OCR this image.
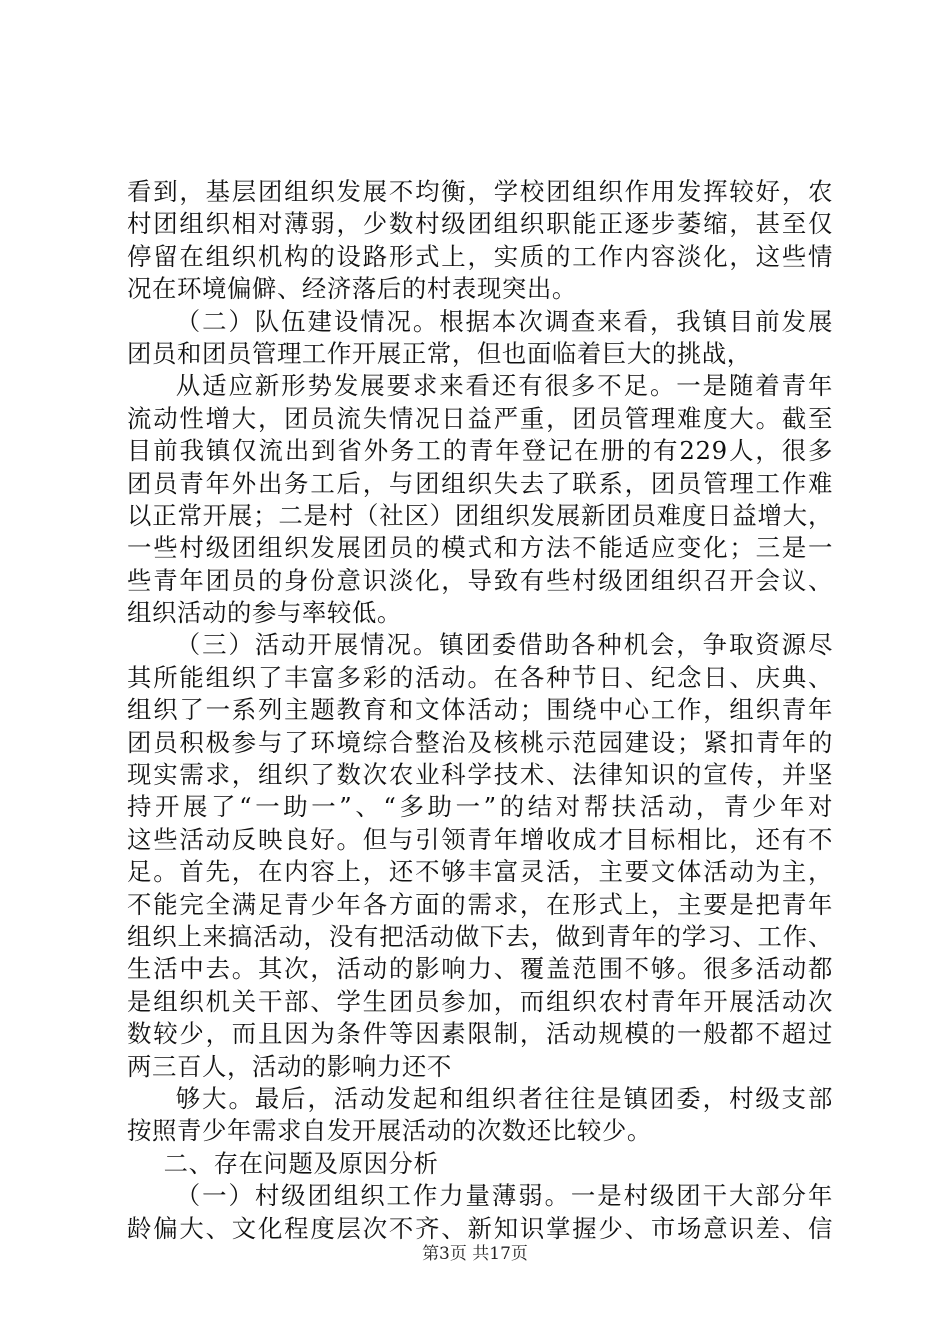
看到，基层团组织发展不均衡，学校团组织作用发挥较好，农
村团组织相对薄弱，少数村级团组织职能正逐步萎缩，甚至仅
停留在组织机构的设路形式上，实质的工作内容淡化，这些情
况在环境偏僻、经济落后的村表现突出。
（二）队伍建设情况。根据本次调查来看，我镇目前发展
团员和团员管理工作开展正常，但也面临着巨大的挑战，
从适应新形势发展要求来看还有很多不足。一是随着青年
流动性增大，团员流失情况日益严重，团员管理难度大。截至
目前我镇仅流出到省外务工的青年登记在册的有229人，很多
团员青年外出务工后，与团组织失去了联系，团员管理工作难
以正常开展；二是村（社区）团组织发展新团员难度日益增大，
一些村级团组织发展团员的模式和方法不能适应变化；三是一
些青年团员的身份意识淡化，导致有些村级团组织召开会议、
组织活动的参与率较低。
（三）活动开展情况。镇团委借助各种机会，争取资源尽
其所能组织了丰富多彩的活动。在各种节日、纪念日、庆典、
组织了一系列主题教育和文体活动；围绕中心工作，组织青年
团员积极参与了环境综合整治及核桃示范园建设；紧扣青年的
现实需求，组织了数次农业科学技术、法律知识的宣传，并坚
持开展了“一助一”、“多助一”的结对帮扶活动，青少年对
这些活动反映良好。但与引领青年增收成才目标相比，还有不
足。首先，在内容上，还不够丰富灵活，主要文体活动为主，
不能完全满足青少年各方面的需求，在形式上，主要是把青年
组织上来搞活动，没有把活动做下去，做到青年的学习、工作、
生活中去。其次，活动的影响力、覆盖范围不够。很多活动都
是组织机关干部、学生团员参加，而组织农村青年开展活动次
数较少，而且因为条件等因素限制，活动规模的一般都不超过
两三百人，活动的影响力还不
够大。最后，活动发起和组织者往往是镇团委，村级支部
按照青少年需求自发开展活动的次数还比较少。
二、存在问题及原因分析
（一）村级团组织工作力量薄弱。一是村级团干大部分年
龄偏大、文化程度层次不齐、新知识掌握少、市场意识差、信
第3页 共17页
